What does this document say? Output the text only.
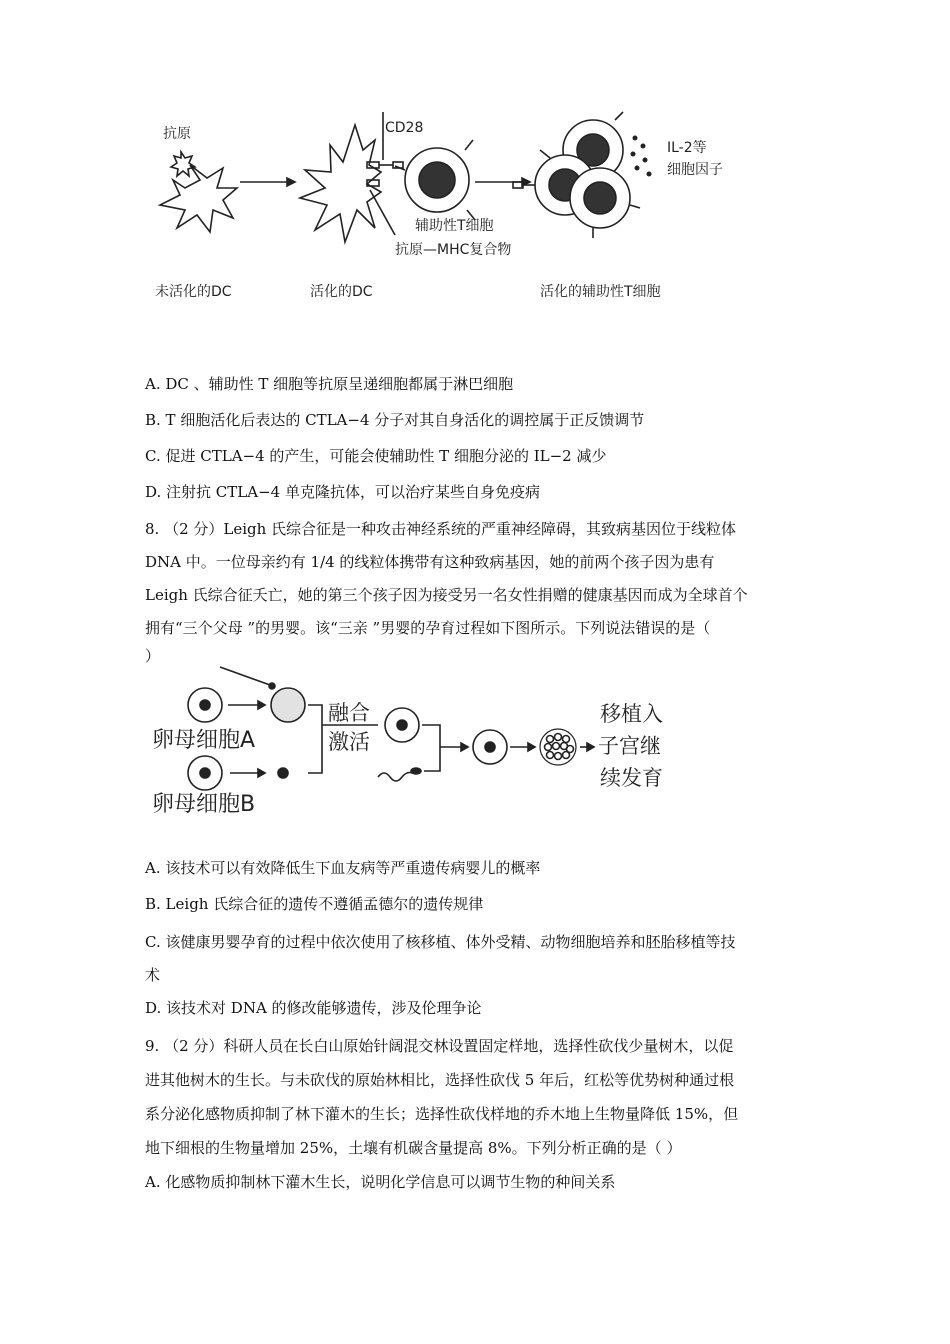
抗原	CD28
IL-2等
细胞因子
辅助性T细胞
抗原—MHC复合物
未活化的DC	活化的DC	活化的辅助性T细胞
A. DC 、辅助性 T 细胞等抗原呈递细胞都属于淋巴细胞
B. T 细胞活化后表达的 CTLA−4 分子对其自身活化的调控属于正反馈调节
C. 促进 CTLA−4 的产生，可能会使辅助性 T 细胞分泌的 IL−2 减少
D. 注射抗 CTLA−4 单克隆抗体，可以治疗某些自身免疫病
8. （2 分）Leigh 氏综合征是一种攻击神经系统的严重神经障碍，其致病基因位于线粒体
DNA 中。一位母亲约有 1/4 的线粒体携带有这种致病基因，她的前两个孩子因为患有
Leigh 氏综合征夭亡，她的第三个孩子因为接受另一名女性捐赠的健康基因而成为全球首个
拥有“三个父母 ”的男婴。该“三亲 ”男婴的孕育过程如下图所示。下列说法错误的是（
）
卵母细胞A
卵母细胞B
融合
激活
移植入
子宫继
续发育
A. 该技术可以有效降低生下血友病等严重遗传病婴儿的概率
B. Leigh 氏综合征的遗传不遵循孟德尔的遗传规律
C. 该健康男婴孕育的过程中依次使用了核移植、体外受精、动物细胞培养和胚胎移植等技
术
D. 该技术对 DNA 的修改能够遗传，涉及伦理争论
9. （2 分）科研人员在长白山原始针阔混交林设置固定样地，选择性砍伐少量树木，以促
进其他树木的生长。与未砍伐的原始林相比，选择性砍伐 5 年后，红松等优势树种通过根
系分泌化感物质抑制了林下灌木的生长；选择性砍伐样地的乔木地上生物量降低 15%，但
地下细根的生物量增加 25%，土壤有机碳含量提高 8%。下列分析正确的是（ ）
A. 化感物质抑制林下灌木生长，说明化学信息可以调节生物的种间关系
